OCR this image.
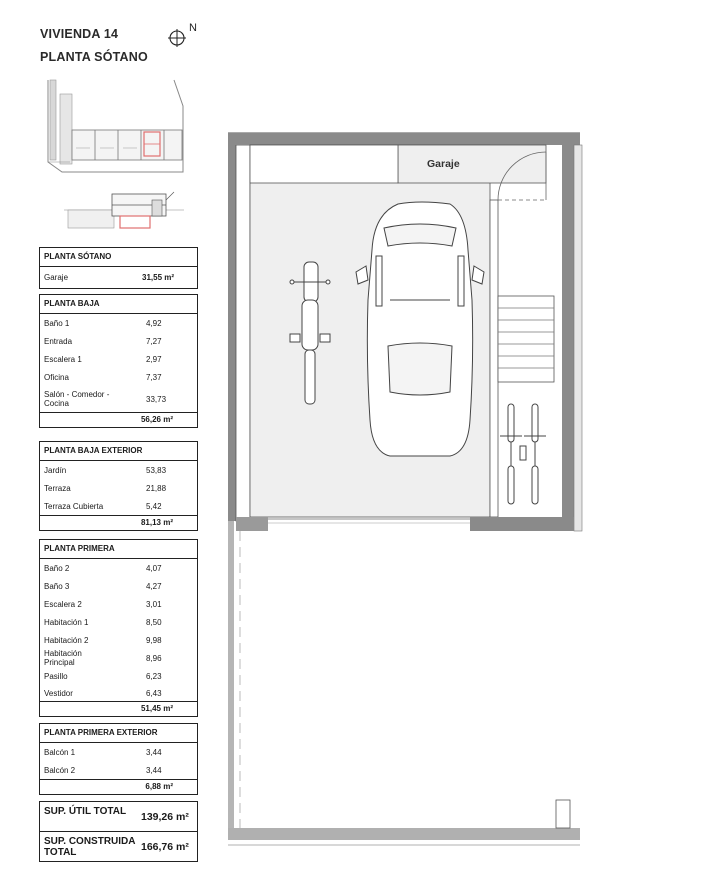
VIVIENDA 14
PLANTA SÓTANO
N
PLANTA SÓTANO
Garaje	31,55 m²
PLANTA BAJA
Baño 1	4,92
Entrada	7,27
Escalera 1	2,97
Oficina	7,37
Salón - Comedor - Cocina	33,73
56,26 m²
PLANTA BAJA EXTERIOR
Jardín	53,83
Terraza	21,88
Terraza Cubierta	5,42
81,13 m²
PLANTA PRIMERA
Baño 2	4,07
Baño 3	4,27
Escalera 2	3,01
Habitación 1	8,50
Habitación 2	9,98
Habitación Principal	8,96
Pasillo	6,23
Vestidor	6,43
51,45 m²
PLANTA PRIMERA EXTERIOR
Balcón 1	3,44
Balcón 2	3,44
6,88 m²
SUP. ÚTIL TOTAL	139,26 m²
SUP. CONSTRUIDA TOTAL	166,76 m²
Garaje
